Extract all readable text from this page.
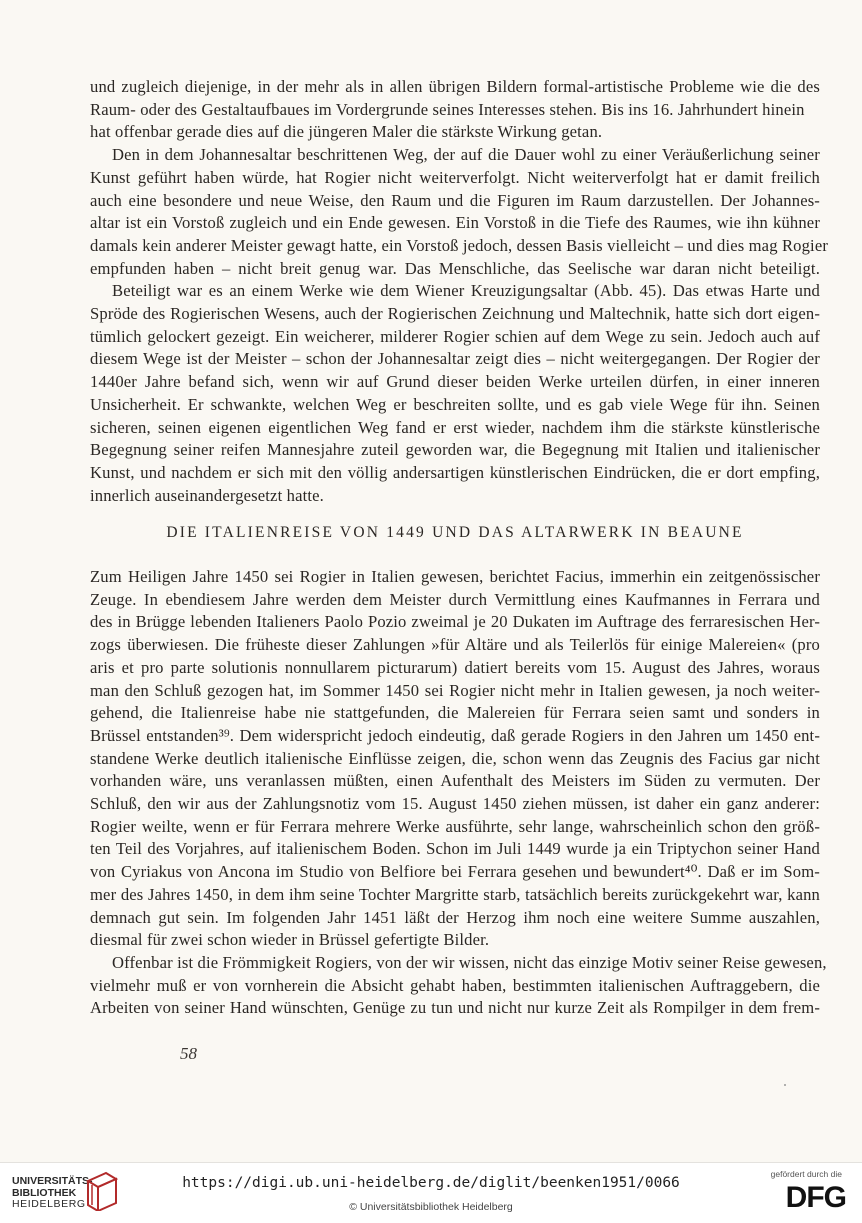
und zugleich diejenige, in der mehr als in allen übrigen Bildern formal-artistische Probleme wie die des
Raum- oder des Gestaltaufbaues im Vordergrunde seines Interesses stehen. Bis ins 16. Jahrhundert hinein
hat offenbar gerade dies auf die jüngeren Maler die stärkste Wirkung getan.
Den in dem Johannesaltar beschrittenen Weg, der auf die Dauer wohl zu einer Veräußerlichung seiner
Kunst geführt haben würde, hat Rogier nicht weiterverfolgt. Nicht weiterverfolgt hat er damit freilich
auch eine besondere und neue Weise, den Raum und die Figuren im Raum darzustellen. Der Johannes-
altar ist ein Vorstoß zugleich und ein Ende gewesen. Ein Vorstoß in die Tiefe des Raumes, wie ihn kühner
damals kein anderer Meister gewagt hatte, ein Vorstoß jedoch, dessen Basis vielleicht – und dies mag Rogier
empfunden haben – nicht breit genug war. Das Menschliche, das Seelische war daran nicht beteiligt.
Beteiligt war es an einem Werke wie dem Wiener Kreuzigungsaltar (Abb. 45). Das etwas Harte und
Spröde des Rogierischen Wesens, auch der Rogierischen Zeichnung und Maltechnik, hatte sich dort eigen-
tümlich gelockert gezeigt. Ein weicherer, milderer Rogier schien auf dem Wege zu sein. Jedoch auch auf
diesem Wege ist der Meister – schon der Johannesaltar zeigt dies – nicht weitergegangen. Der Rogier der
1440er Jahre befand sich, wenn wir auf Grund dieser beiden Werke urteilen dürfen, in einer inneren
Unsicherheit. Er schwankte, welchen Weg er beschreiten sollte, und es gab viele Wege für ihn. Seinen
sicheren, seinen eigenen eigentlichen Weg fand er erst wieder, nachdem ihm die stärkste künstlerische
Begegnung seiner reifen Mannesjahre zuteil geworden war, die Begegnung mit Italien und italienischer
Kunst, und nachdem er sich mit den völlig andersartigen künstlerischen Eindrücken, die er dort empfing,
innerlich auseinandergesetzt hatte.
DIE ITALIENREISE VON 1449 UND DAS ALTARWERK IN BEAUNE
Zum Heiligen Jahre 1450 sei Rogier in Italien gewesen, berichtet Facius, immerhin ein zeitgenössischer
Zeuge. In ebendiesem Jahre werden dem Meister durch Vermittlung eines Kaufmannes in Ferrara und
des in Brügge lebenden Italieners Paolo Pozio zweimal je 20 Dukaten im Auftrage des ferraresischen Her-
zogs überwiesen. Die früheste dieser Zahlungen »für Altäre und als Teilerlös für einige Malereien« (pro
aris et pro parte solutionis nonnullarem picturarum) datiert bereits vom 15. August des Jahres, woraus
man den Schluß gezogen hat, im Sommer 1450 sei Rogier nicht mehr in Italien gewesen, ja noch weiter-
gehend, die Italienreise habe nie stattgefunden, die Malereien für Ferrara seien samt und sonders in
Brüssel entstanden³⁹. Dem widerspricht jedoch eindeutig, daß gerade Rogiers in den Jahren um 1450 ent-
standene Werke deutlich italienische Einflüsse zeigen, die, schon wenn das Zeugnis des Facius gar nicht
vorhanden wäre, uns veranlassen müßten, einen Aufenthalt des Meisters im Süden zu vermuten. Der
Schluß, den wir aus der Zahlungsnotiz vom 15. August 1450 ziehen müssen, ist daher ein ganz anderer:
Rogier weilte, wenn er für Ferrara mehrere Werke ausführte, sehr lange, wahrscheinlich schon den größ-
ten Teil des Vorjahres, auf italienischem Boden. Schon im Juli 1449 wurde ja ein Triptychon seiner Hand
von Cyriakus von Ancona im Studio von Belfiore bei Ferrara gesehen und bewundert⁴⁰. Daß er im Som-
mer des Jahres 1450, in dem ihm seine Tochter Margritte starb, tatsächlich bereits zurückgekehrt war, kann
demnach gut sein. Im folgenden Jahr 1451 läßt der Herzog ihm noch eine weitere Summe auszahlen,
diesmal für zwei schon wieder in Brüssel gefertigte Bilder.
Offenbar ist die Frömmigkeit Rogiers, von der wir wissen, nicht das einzige Motiv seiner Reise gewesen,
vielmehr muß er von vornherein die Absicht gehabt haben, bestimmten italienischen Auftraggebern, die
Arbeiten von seiner Hand wünschten, Genüge zu tun und nicht nur kurze Zeit als Rompilger in dem frem-
58
UNIVERSITÄTS-
BIBLIOTHEK
HEIDELBERG
https://digi.ub.uni-heidelberg.de/diglit/beenken1951/0066
© Universitätsbibliothek Heidelberg
gefördert durch die
DFG
